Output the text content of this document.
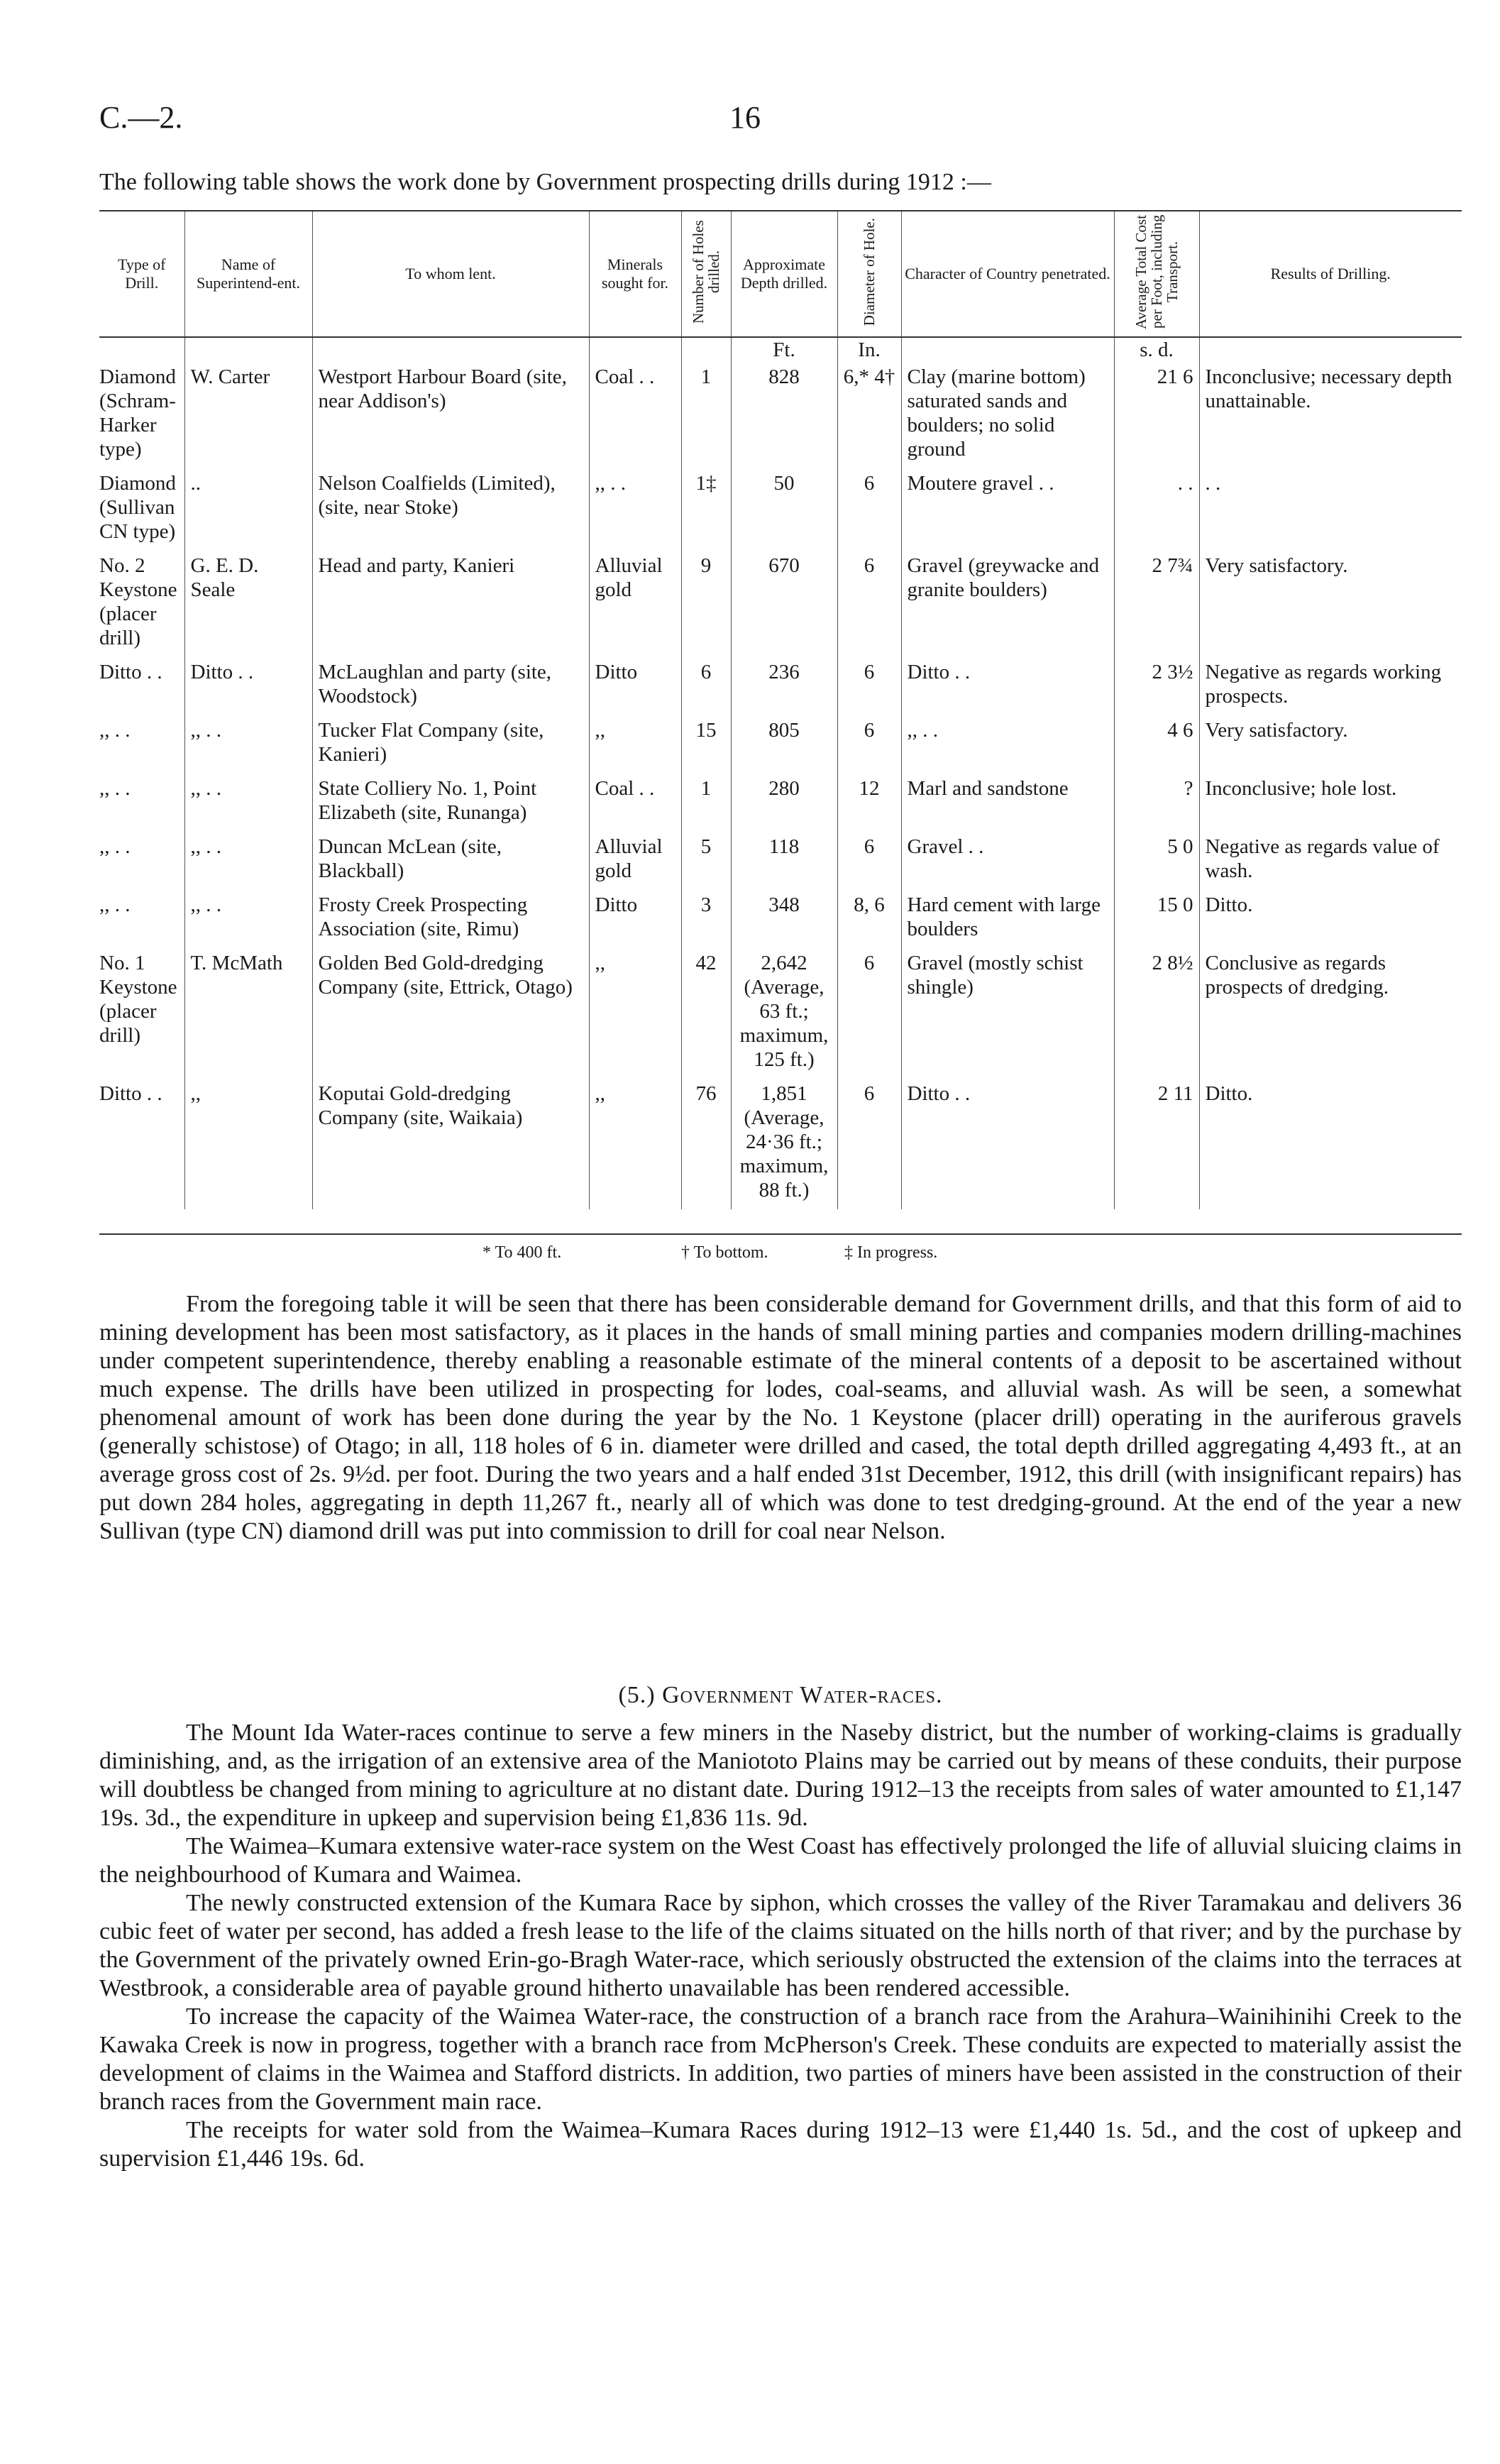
C.—2.	16
The following table shows the work done by Government prospecting drills during 1912 :—
Type of Drill.	Name of Superintend-ent.	To whom lent.	Minerals sought for.	Number of Holes drilled.	Approximate Depth drilled.	Diameter of Hole.	Character of Country penetrated.	Average Total Cost per Foot, including Transport.	Results of Drilling.
					Ft.	In.		s. d.	
Diamond (Schram-Harker type)	W. Carter	Westport Harbour Board (site, near Addison's)	Coal . .	1	828	6,* 4†	Clay (marine bottom) saturated sands and boulders; no solid ground	21 6	Inconclusive; necessary depth unattainable.
Diamond (Sullivan CN type)	..	Nelson Coalfields (Limited), (site, near Stoke)	,, . .	1‡	50	6	Moutere gravel . .	. .	. .
No. 2 Keystone (placer drill)	G. E. D. Seale	Head and party, Kanieri	Alluvial gold	9	670	6	Gravel (greywacke and granite boulders)	2 7¾	Very satisfactory.
Ditto . .	Ditto . .	McLaughlan and party (site, Woodstock)	Ditto	6	236	6	Ditto . .	2 3½	Negative as regards working prospects.
,, . .	,, . .	Tucker Flat Company (site, Kanieri)	,,	15	805	6	,, . .	4 6	Very satisfactory.
,, . .	,, . .	State Colliery No. 1, Point Elizabeth (site, Runanga)	Coal . .	1	280	12	Marl and sandstone	?	Inconclusive; hole lost.
,, . .	,, . .	Duncan McLean (site, Blackball)	Alluvial gold	5	118	6	Gravel . .	5 0	Negative as regards value of wash.
,, . .	,, . .	Frosty Creek Prospecting Association (site, Rimu)	Ditto	3	348	8, 6	Hard cement with large boulders	15 0	Ditto.
No. 1 Keystone (placer drill)	T. McMath	Golden Bed Gold-dredging Company (site, Ettrick, Otago)	,,	42	2,642 (Average, 63 ft.; maximum, 125 ft.)	6	Gravel (mostly schist shingle)	2 8½	Conclusive as regards prospects of dredging.
Ditto . .	,,	Koputai Gold-dredging Company (site, Waikaia)	,,	76	1,851 (Average, 24·36 ft.; maximum, 88 ft.)	6	Ditto . .	2 11	Ditto.
* To 400 ft.	† To bottom.	‡ In progress.

From the foregoing table it will be seen that there has been considerable demand for Government drills, and that this form of aid to mining development has been most satisfactory, as it places in the hands of small mining parties and companies modern drilling-machines under competent superintendence, thereby enabling a reasonable estimate of the mineral contents of a deposit to be ascertained without much expense. The drills have been utilized in prospecting for lodes, coal-seams, and alluvial wash. As will be seen, a somewhat phenomenal amount of work has been done during the year by the No. 1 Keystone (placer drill) operating in the auriferous gravels (generally schistose) of Otago; in all, 118 holes of 6 in. diameter were drilled and cased, the total depth drilled aggregating 4,493 ft., at an average gross cost of 2s. 9½d. per foot. During the two years and a half ended 31st December, 1912, this drill (with insignificant repairs) has put down 284 holes, aggregating in depth 11,267 ft., nearly all of which was done to test dredging-ground. At the end of the year a new Sullivan (type CN) diamond drill was put into commission to drill for coal near Nelson.

(5.) Government Water-races.

The Mount Ida Water-races continue to serve a few miners in the Naseby district, but the number of working-claims is gradually diminishing, and, as the irrigation of an extensive area of the Maniototo Plains may be carried out by means of these conduits, their purpose will doubtless be changed from mining to agriculture at no distant date. During 1912–13 the receipts from sales of water amounted to £1,147 19s. 3d., the expenditure in upkeep and supervision being £1,836 11s. 9d.

The Waimea–Kumara extensive water-race system on the West Coast has effectively prolonged the life of alluvial sluicing claims in the neighbourhood of Kumara and Waimea.

The newly constructed extension of the Kumara Race by siphon, which crosses the valley of the River Taramakau and delivers 36 cubic feet of water per second, has added a fresh lease to the life of the claims situated on the hills north of that river; and by the purchase by the Government of the privately owned Erin-go-Bragh Water-race, which seriously obstructed the extension of the claims into the terraces at Westbrook, a considerable area of payable ground hitherto unavailable has been rendered accessible.

To increase the capacity of the Waimea Water-race, the construction of a branch race from the Arahura–Wainihinihi Creek to the Kawaka Creek is now in progress, together with a branch race from McPherson's Creek. These conduits are expected to materially assist the development of claims in the Waimea and Stafford districts. In addition, two parties of miners have been assisted in the construction of their branch races from the Government main race.

The receipts for water sold from the Waimea–Kumara Races during 1912–13 were £1,440 1s. 5d., and the cost of upkeep and supervision £1,446 19s. 6d.
